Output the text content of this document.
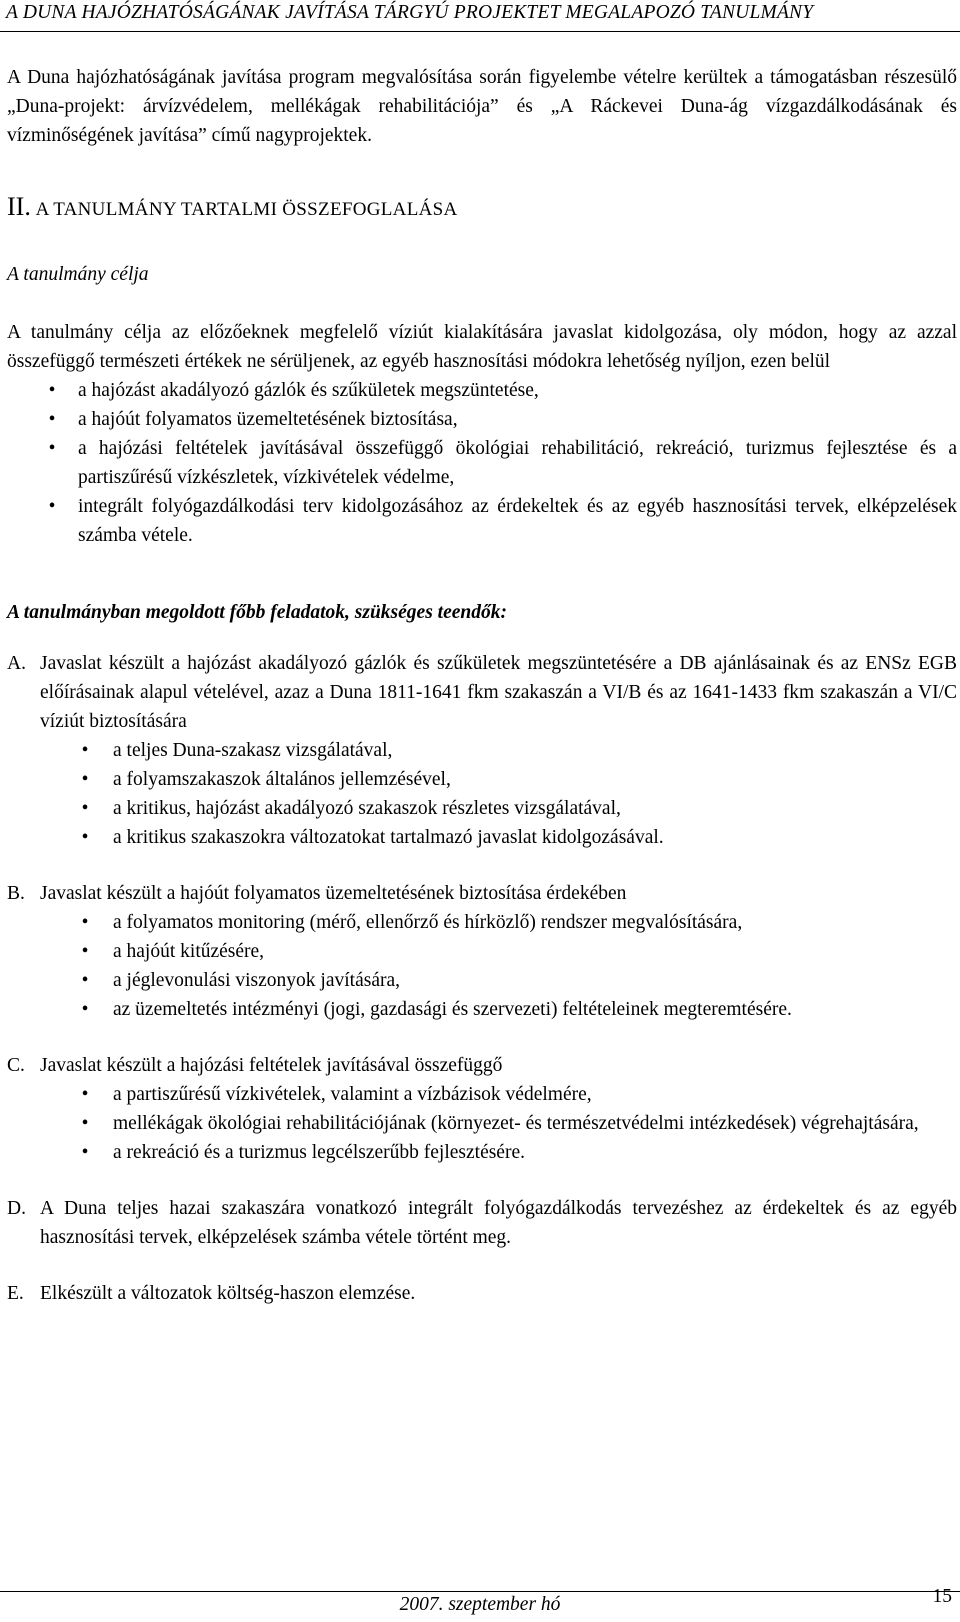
A DUNA HAJÓZHATÓSÁGÁNAK JAVÍTÁSA TÁRGYÚ PROJEKTET MEGALAPOZÓ TANULMÁNY

A Duna hajózhatóságának javítása program megvalósítása során figyelembe vételre kerültek a támogatásban részesülő „Duna-projekt: árvízvédelem, mellékágak rehabilitációja” és „A Ráckevei Duna-ág vízgazdálkodásának és vízminőségének javítása” című nagyprojektek.

II. A TANULMÁNY TARTALMI ÖSSZEFOGLALÁSA

A tanulmány célja

A tanulmány célja az előzőeknek megfelelő víziút kialakítására javaslat kidolgozása, oly módon, hogy az azzal összefüggő természeti értékek ne sérüljenek, az egyéb hasznosítási módokra lehetőség nyíljon, ezen belül

• a hajózást akadályozó gázlók és szűkületek megszüntetése,
• a hajóút folyamatos üzemeltetésének biztosítása,
• a hajózási feltételek javításával összefüggő ökológiai rehabilitáció, rekreáció, turizmus fejlesztése és a partiszűrésű vízkészletek, vízkivételek védelme,
• integrált folyógazdálkodási terv kidolgozásához az érdekeltek és az egyéb hasznosítási tervek, elképzelések számba vétele.

A tanulmányban megoldott főbb feladatok, szükséges teendők:

A. Javaslat készült a hajózást akadályozó gázlók és szűkületek megszüntetésére a DB ajánlásainak és az ENSz EGB előírásainak alapul vételével, azaz a Duna 1811-1641 fkm szakaszán a VI/B és az 1641-1433 fkm szakaszán a VI/C víziút biztosítására
• a teljes Duna-szakasz vizsgálatával,
• a folyamszakaszok általános jellemzésével,
• a kritikus, hajózást akadályozó szakaszok részletes vizsgálatával,
• a kritikus szakaszokra változatokat tartalmazó javaslat kidolgozásával.
B. Javaslat készült a hajóút folyamatos üzemeltetésének biztosítása érdekében
• a folyamatos monitoring (mérő, ellenőrző és hírközlő) rendszer megvalósítására,
• a hajóút kitűzésére,
• a jéglevonulási viszonyok javítására,
• az üzemeltetés intézményi (jogi, gazdasági és szervezeti) feltételeinek megteremtésére.
C. Javaslat készült a hajózási feltételek javításával összefüggő
• a partiszűrésű vízkivételek, valamint a vízbázisok védelmére,
• mellékágak ökológiai rehabilitációjának (környezet- és természetvédelmi intézkedések) végrehajtására,
• a rekreáció és a turizmus legcélszerűbb fejlesztésére.
D. A Duna teljes hazai szakaszára vonatkozó integrált folyógazdálkodás tervezéshez az érdekeltek és az egyéb hasznosítási tervek, elképzelések számba vétele történt meg.
E. Elkészült a változatok költség-haszon elemzése.
2007. szeptember hó	15
